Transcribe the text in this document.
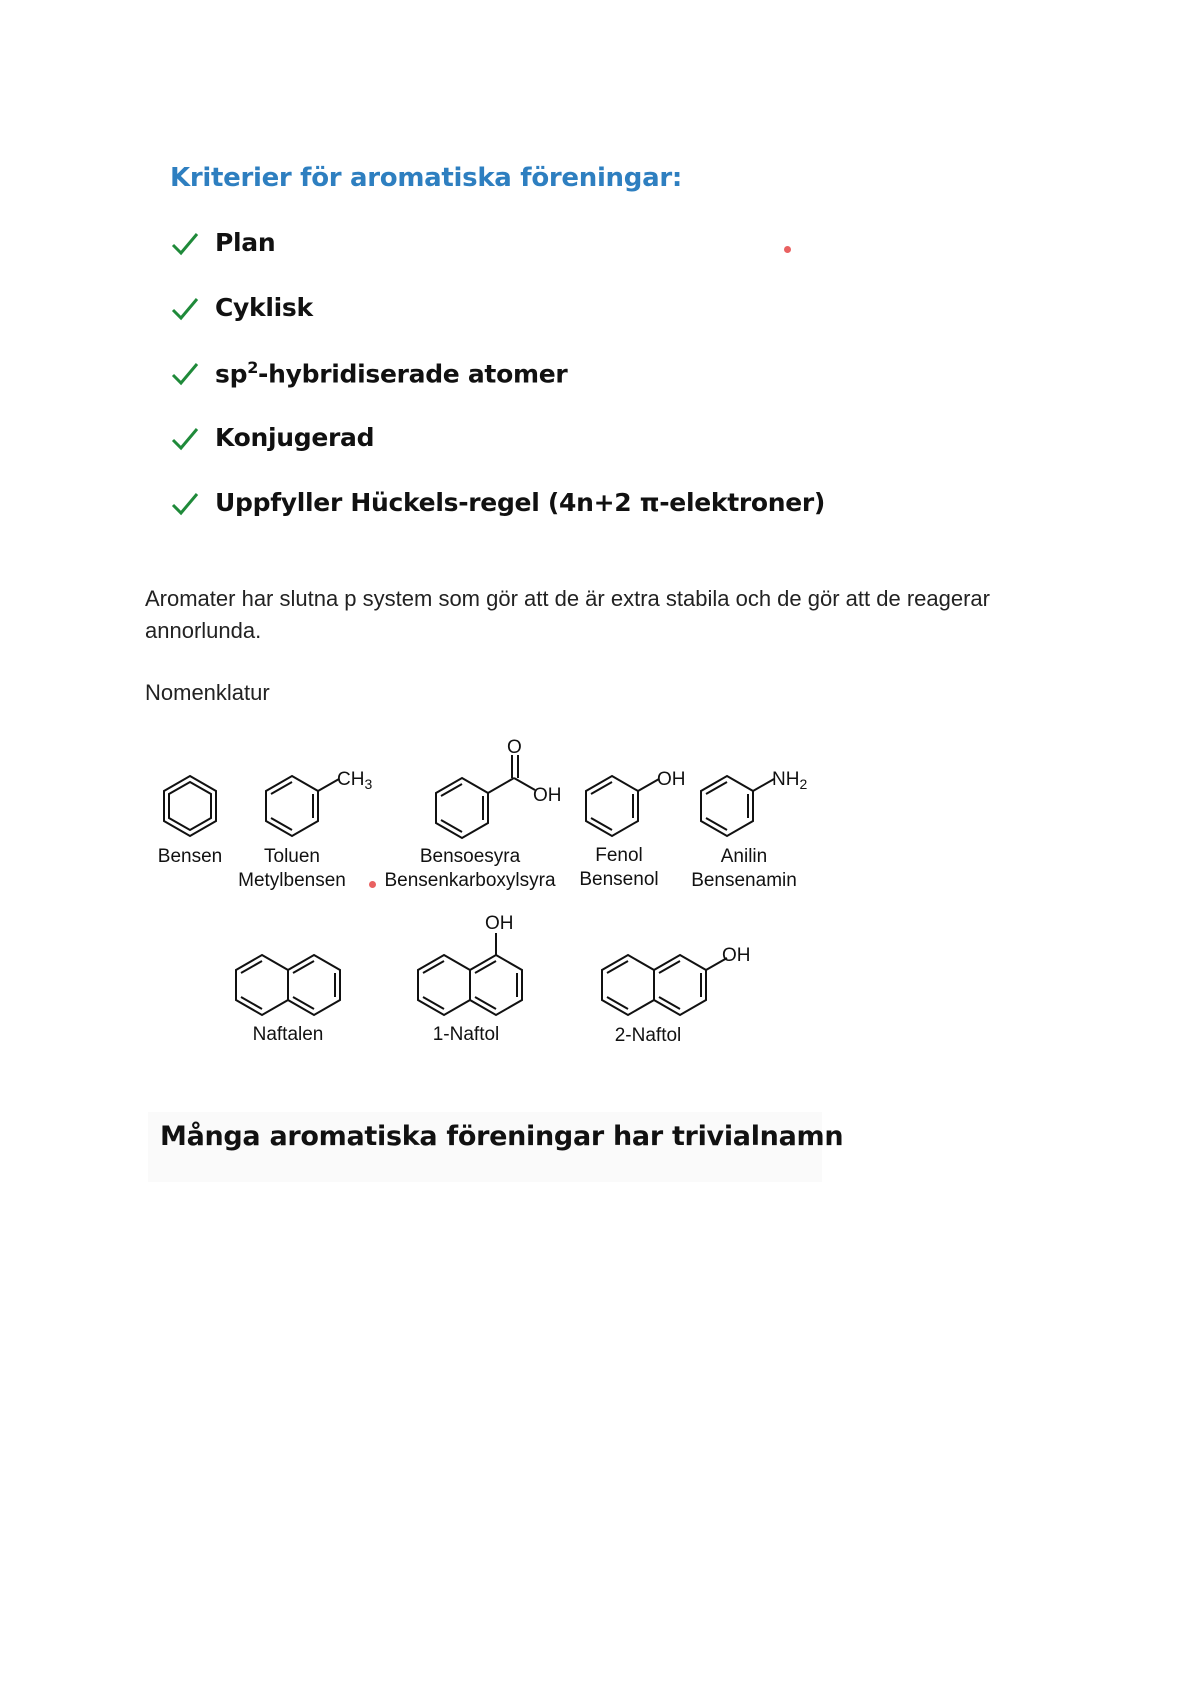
Kriterier för aromatiska föreningar:
Plan
Cyklisk
$sp^2$-hybridiserade atomer
Konjugerad
Uppfyller Hückels-regel (4n+2 π-elektroner)

Aromater har slutna p system som gör att de är extra stabila och de gör att de reagerar annorlunda.

Nomenklatur

$CH_3$
O
OH
OH	$NH_2$
OH
OH
Bensen Toluen
Metylbensen
Bensoesyra
Bensenkarboxylsyra
Fenol
Bensenol
Anilin
Bensenamin
Naftalen	1-Naftol	2-Naftol

Många aromatiska föreningar har trivialnamn
